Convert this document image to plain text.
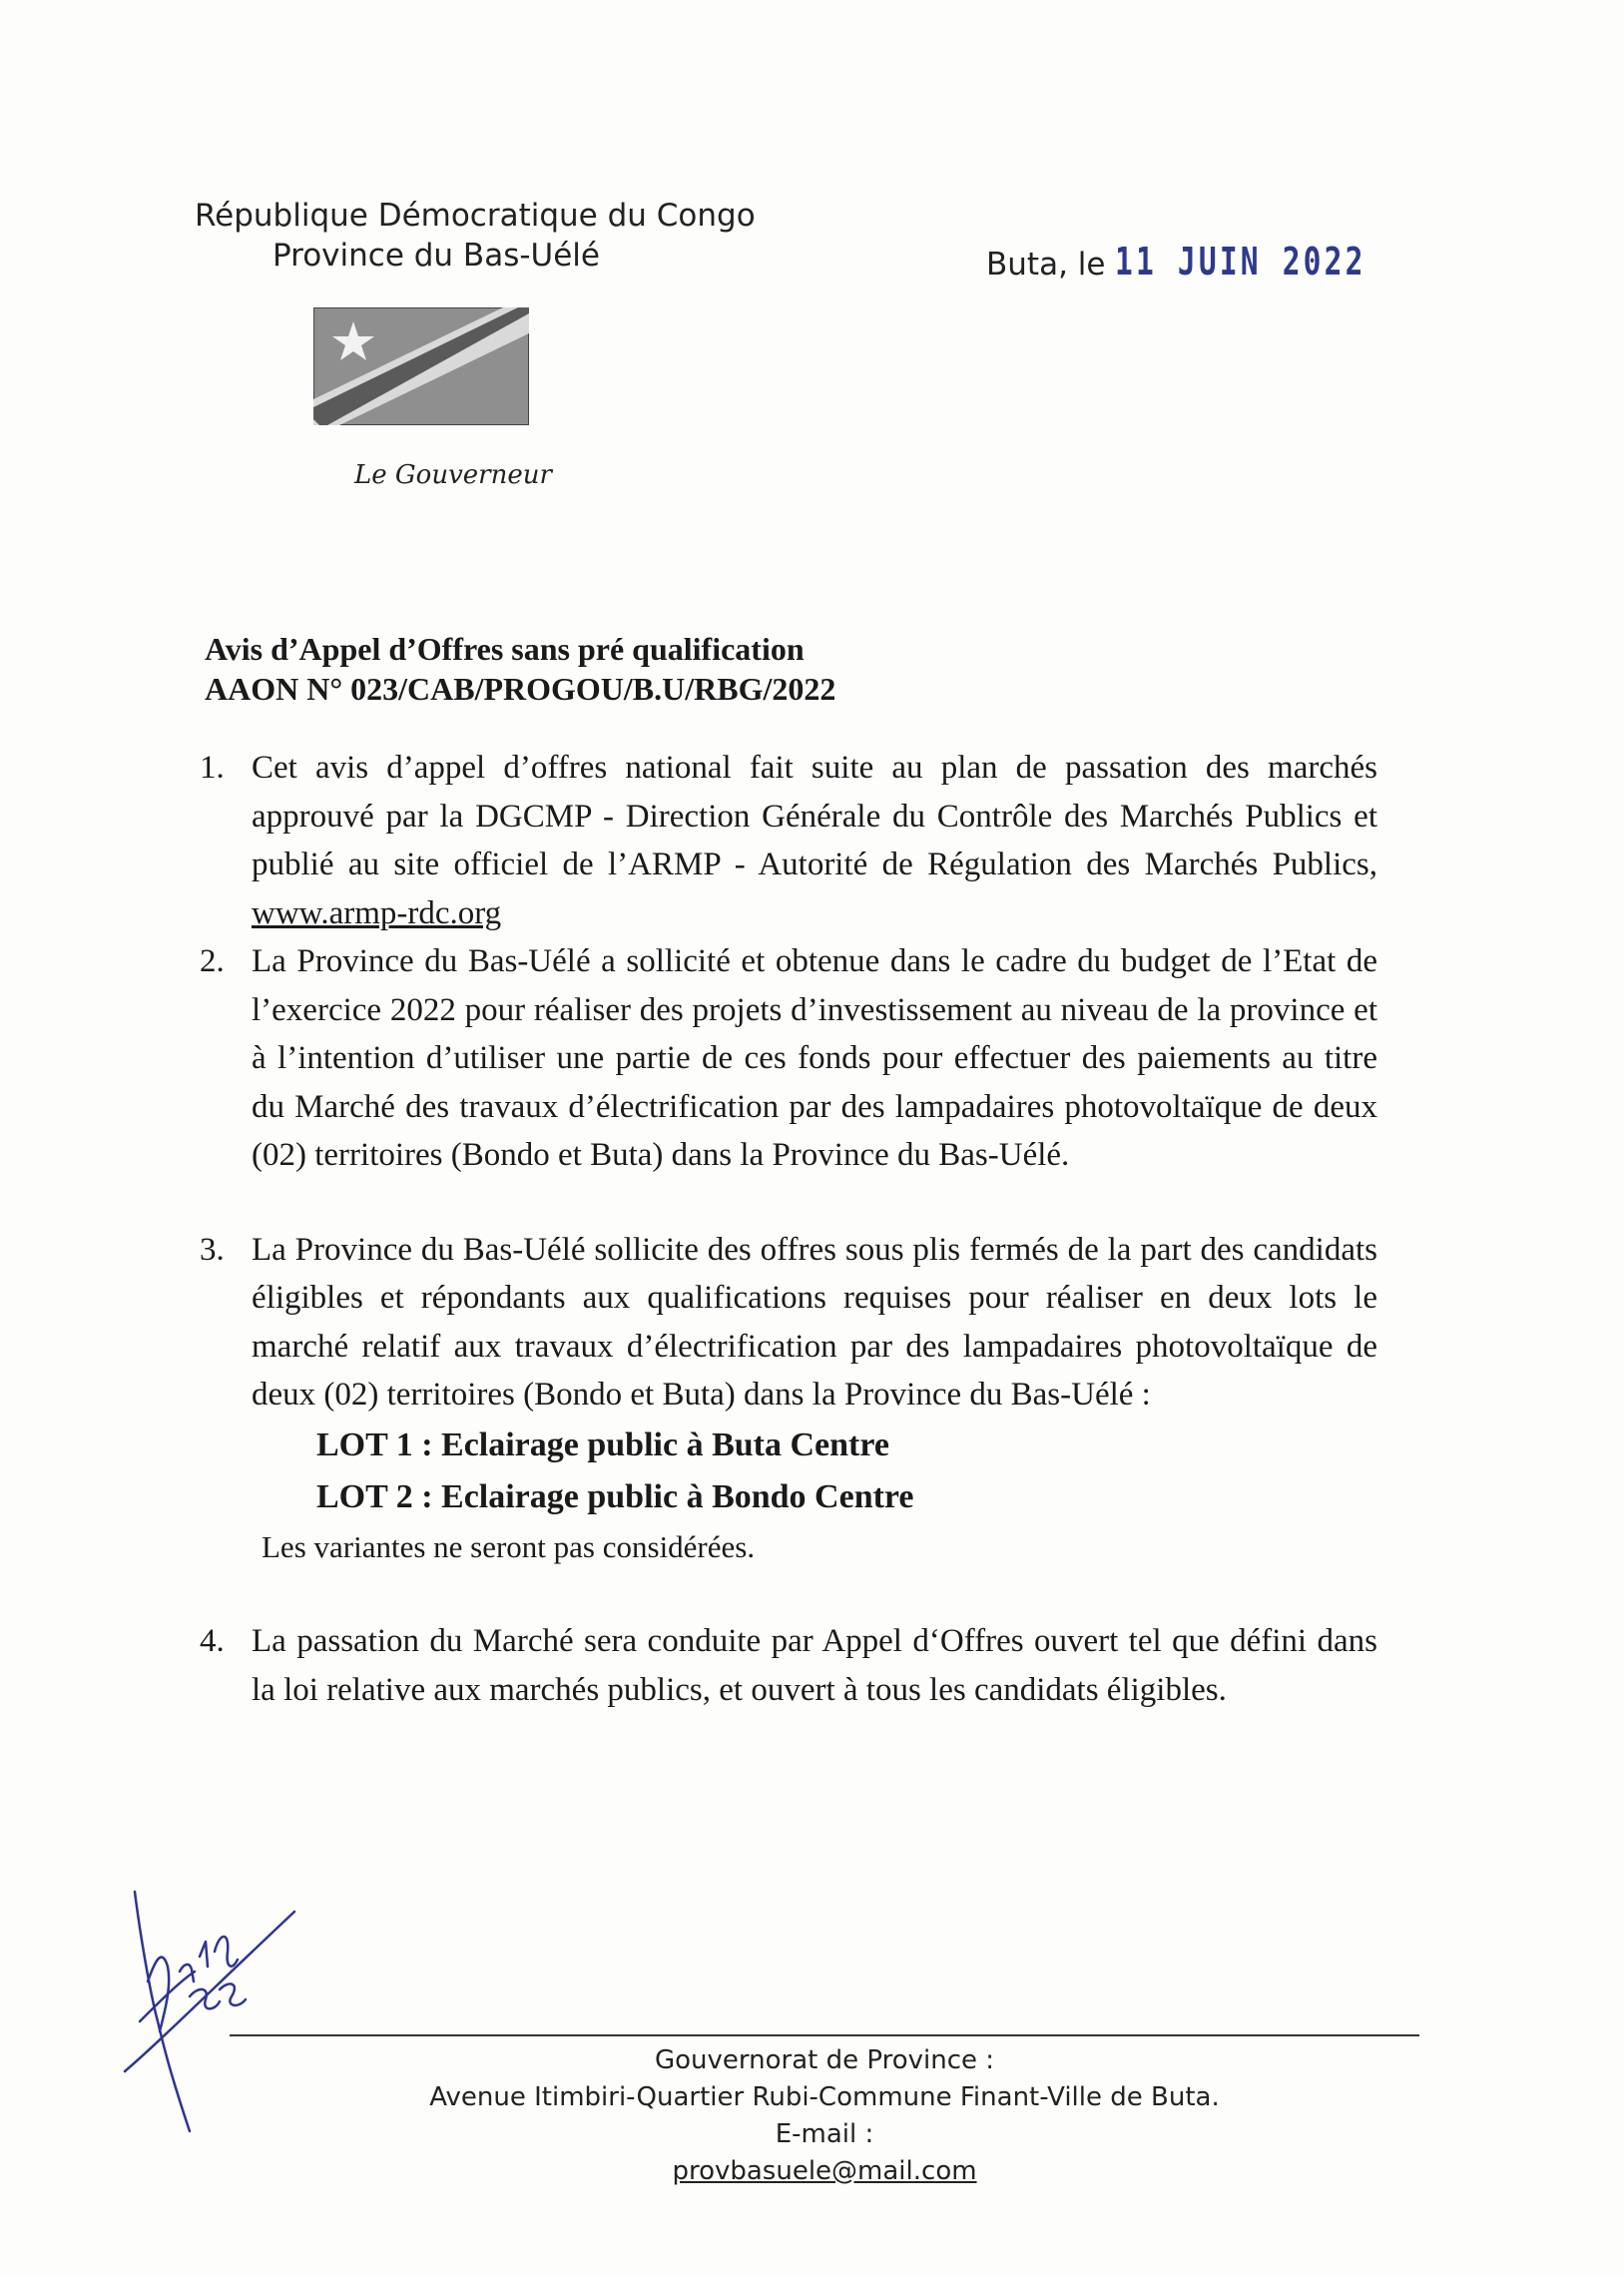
République Démocratique du Congo
Province du Bas-Uélé	Buta, le 11 JUIN 2022
Le Gouverneur
Avis d’Appel d’Offres sans pré qualification
AAON N° 023/CAB/PROGOU/B.U/RBG/2022
1. Cet avis d’appel d’offres national fait suite au plan de passation des marchés approuvé par la DGCMP - Direction Générale du Contrôle des Marchés Publics et publié au site officiel de l’ARMP - Autorité de Régulation des Marchés Publics, www.armp-rdc.org
2. La Province du Bas-Uélé a sollicité et obtenue dans le cadre du budget de l’Etat de l’exercice 2022 pour réaliser des projets d’investissement au niveau de la province et à l’intention d’utiliser une partie de ces fonds pour effectuer des paiements au titre du Marché des travaux d’électrification par des lampadaires photovoltaïque de deux (02) territoires (Bondo et Buta) dans la Province du Bas-Uélé.
3. La Province du Bas-Uélé sollicite des offres sous plis fermés de la part des candidats éligibles et répondants aux qualifications requises pour réaliser en deux lots le marché relatif aux travaux d’électrification par des lampadaires photovoltaïque de deux (02) territoires (Bondo et Buta) dans la Province du Bas-Uélé :
LOT 1 : Eclairage public à Buta Centre
LOT 2 : Eclairage public à Bondo Centre
Les variantes ne seront pas considérées.
4. La passation du Marché sera conduite par Appel d‘Offres ouvert tel que défini dans la loi relative aux marchés publics, et ouvert à tous les candidats éligibles.
Gouvernorat de Province :
Avenue Itimbiri-Quartier Rubi-Commune Finant-Ville de Buta.
E-mail :
provbasuele@mail.com
